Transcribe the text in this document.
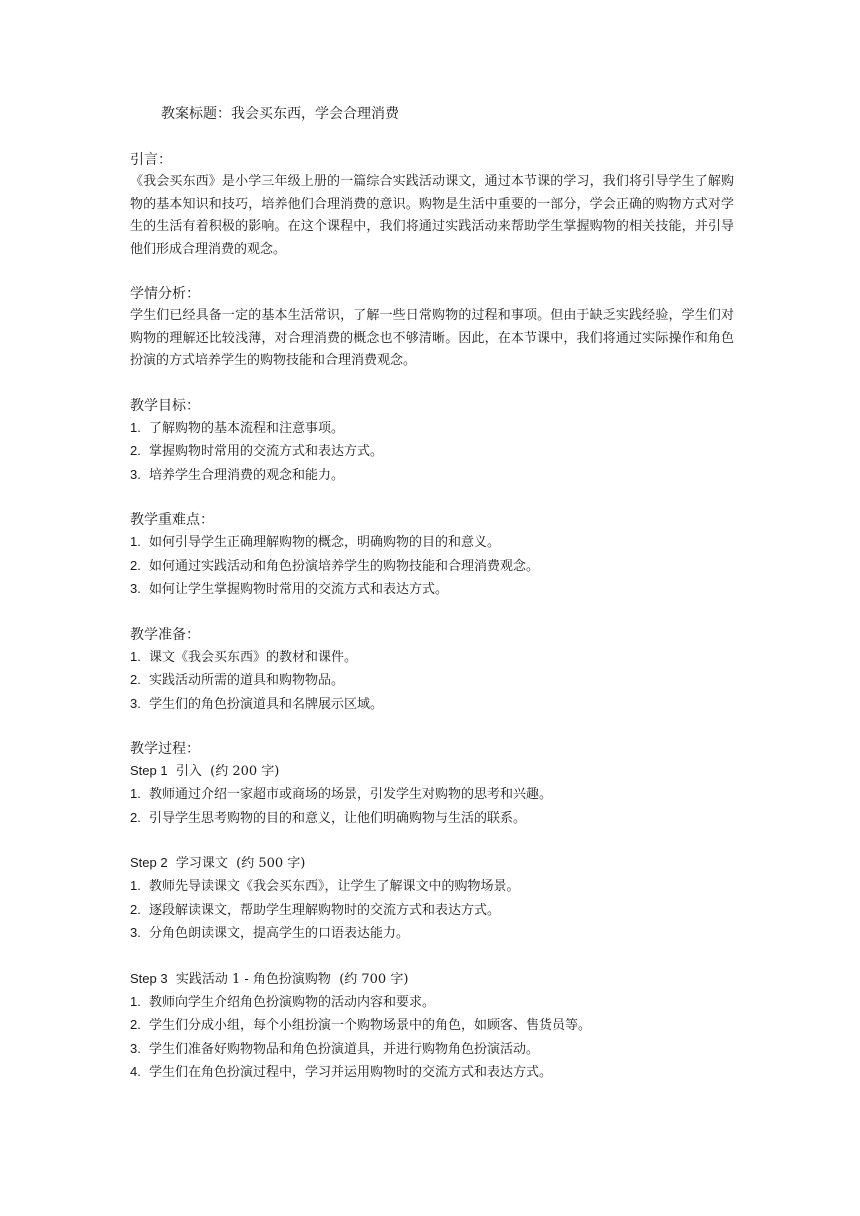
教案标题：我会买东西，学会合理消费
引言：
《我会买东西》是小学三年级上册的一篇综合实践活动课文，通过本节课的学习，我们将引导学生了解购物的基本知识和技巧，培养他们合理消费的意识。购物是生活中重要的一部分，学会正确的购物方式对学生的生活有着积极的影响。在这个课程中，我们将通过实践活动来帮助学生掌握购物的相关技能，并引导他们形成合理消费的观念。
学情分析：
学生们已经具备一定的基本生活常识，了解一些日常购物的过程和事项。但由于缺乏实践经验，学生们对购物的理解还比较浅薄，对合理消费的概念也不够清晰。因此，在本节课中，我们将通过实际操作和角色扮演的方式培养学生的购物技能和合理消费观念。
教学目标：
1. 了解购物的基本流程和注意事项。
2. 掌握购物时常用的交流方式和表达方式。
3. 培养学生合理消费的观念和能力。
教学重难点：
1. 如何引导学生正确理解购物的概念，明确购物的目的和意义。
2. 如何通过实践活动和角色扮演培养学生的购物技能和合理消费观念。
3. 如何让学生掌握购物时常用的交流方式和表达方式。
教学准备：
1. 课文《我会买东西》的教材和课件。
2. 实践活动所需的道具和购物物品。
3. 学生们的角色扮演道具和名牌展示区域。
教学过程：
Step 1 引入 (约 200 字)
1. 教师通过介绍一家超市或商场的场景，引发学生对购物的思考和兴趣。
2. 引导学生思考购物的目的和意义，让他们明确购物与生活的联系。
Step 2 学习课文 (约 500 字)
1. 教师先导读课文《我会买东西》，让学生了解课文中的购物场景。
2. 逐段解读课文，帮助学生理解购物时的交流方式和表达方式。
3. 分角色朗读课文，提高学生的口语表达能力。
Step 3 实践活动 1 - 角色扮演购物 (约 700 字)
1. 教师向学生介绍角色扮演购物的活动内容和要求。
2. 学生们分成小组，每个小组扮演一个购物场景中的角色，如顾客、售货员等。
3. 学生们准备好购物物品和角色扮演道具，并进行购物角色扮演活动。
4. 学生们在角色扮演过程中，学习并运用购物时的交流方式和表达方式。
